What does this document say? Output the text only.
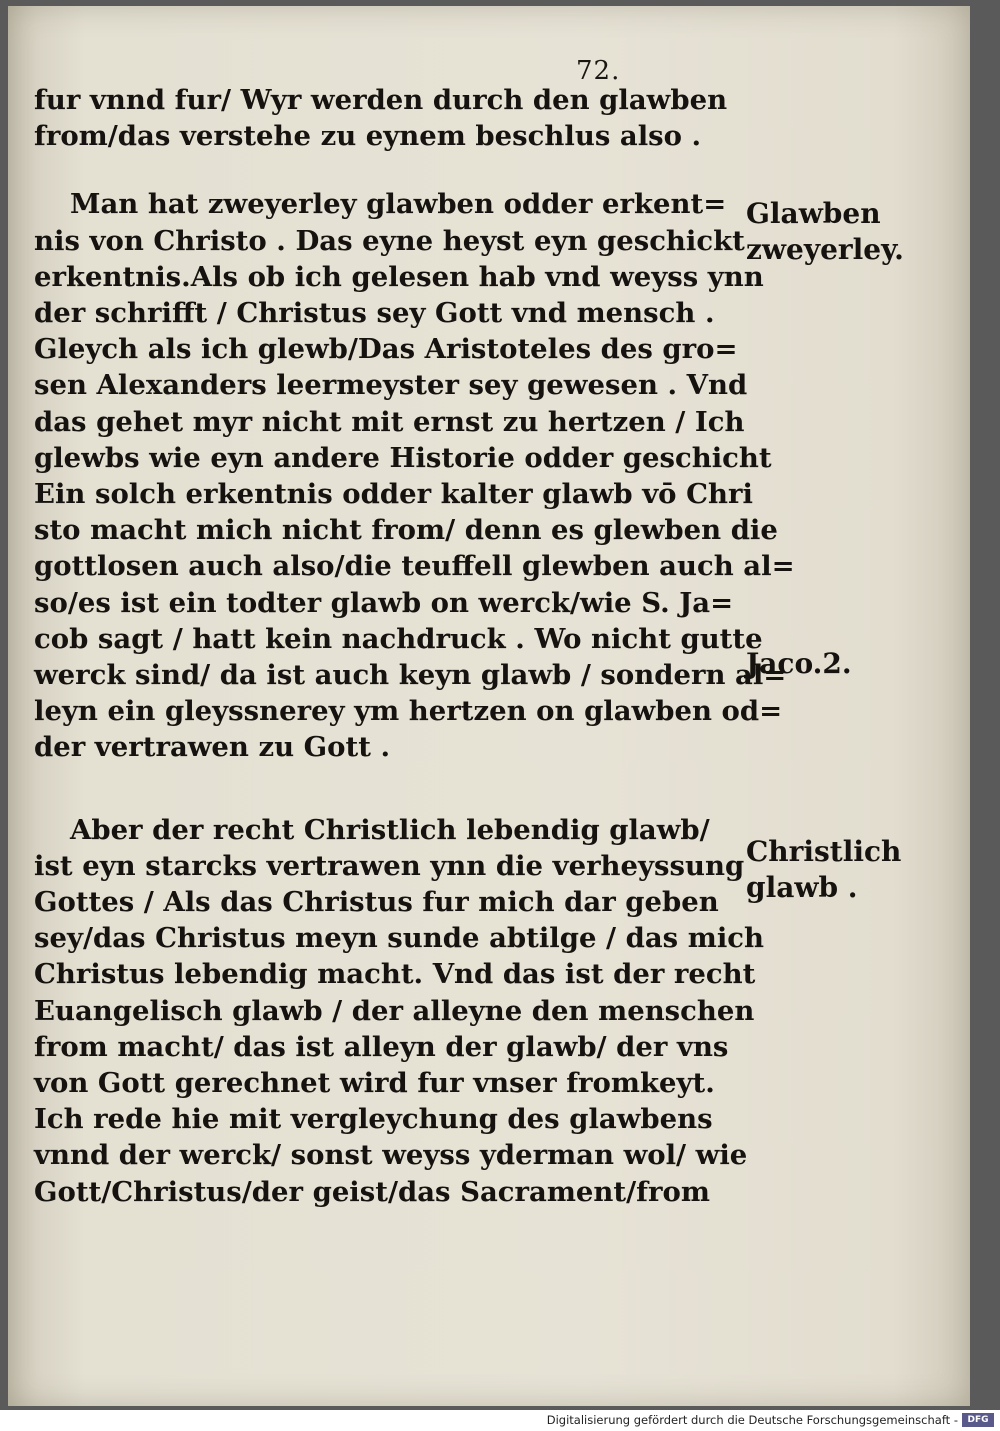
72.
fur vnnd fur/ Wyr werden durch den glawben
from/das verstehe zu eynem beschlus also .
Man hat zweyerley glawben odder erkent=
nis von Christo . Das eyne heyst eyn geschickt
erkentnis.Als ob ich gelesen hab vnd weyss ynn
der schrifft / Christus sey Gott vnd mensch .
Gleych als ich glewb/Das Aristoteles des gro=
sen Alexanders leermeyster sey gewesen . Vnd
das gehet myr nicht mit ernst zu hertzen / Ich
glewbs wie eyn andere Historie odder geschicht
Ein solch erkentnis odder kalter glawb vō Chri
sto macht mich nicht from/ denn es glewben die
gottlosen auch also/die teuffell glewben auch al=
so/es ist ein todter glawb on werck/wie S. Ja=
cob sagt / hatt kein nachdruck . Wo nicht gutte
werck sind/ da ist auch keyn glawb / sondern al=
leyn ein gleyssnerey ym hertzen on glawben od=
der vertrawen zu Gott .
Aber der recht Christlich lebendig glawb/
ist eyn starcks vertrawen ynn die verheyssung
Gottes / Als das Christus fur mich dar geben
sey/das Christus meyn sunde abtilge / das mich
Christus lebendig macht. Vnd das ist der recht
Euangelisch glawb / der alleyne den menschen
from macht/ das ist alleyn der glawb/ der vns
von Gott gerechnet wird fur vnser fromkeyt.
Ich rede hie mit vergleychung des glawbens
vnnd der werck/ sonst weyss yderman wol/ wie
Gott/Christus/der geist/das Sacrament/from
Glawben
zweyerley.
Jaco.2.
Christlich
glawb .
Digitalisierung gefördert durch die Deutsche Forschungsgemeinschaft -	DFG
